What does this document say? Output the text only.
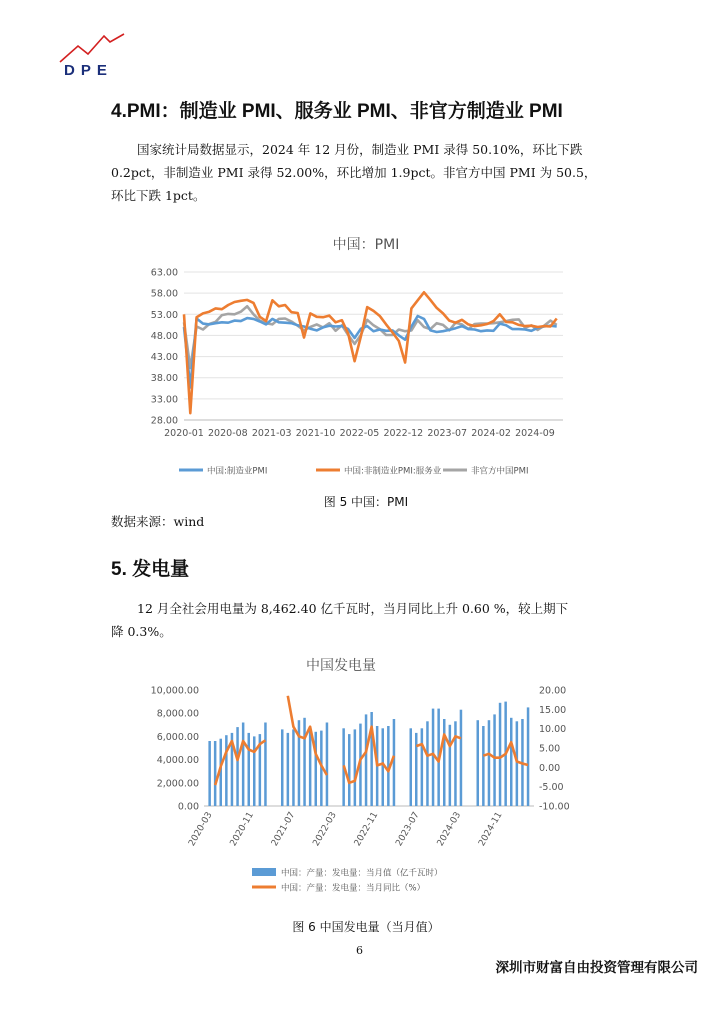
DPE
4.PMI：制造业 PMI、服务业 PMI、非官方制造业 PMI
国家统计局数据显示，2024 年 12 月份，制造业 PMI 录得 50.10%，环比下跌
0.2pct，非制造业 PMI 录得 52.00%，环比增加 1.9pct。非官方中国 PMI 为 50.5，
环比下跌 1pct。
中国：PMI
63.00
58.00
53.00
48.00
43.00
38.00
33.00
28.00
2020-01 2020-08 2021-03 2021-10 2022-05 2022-12 2023-07 2024-02 2024-09
中国:制造业PMI	中国:非制造业PMI:服务业	非官方中国PMI
图 5 中国：PMI
数据来源：wind
5. 发电量
12 月全社会用电量为 8,462.40 亿千瓦时，当月同比上升 0.60 %，较上期下
降 0.3%。
中国发电量
10,000.00
8,000.00
6,000.00
4,000.00
2,000.00
0.00
20.00
15.00
10.00
5.00
0.00
-5.00
-10.00
2020-03 2020-11 2021-07 2022-03 2022-11 2023-07 2024-03 2024-11
中国：产量：发电量：当月值（亿千瓦时）
中国：产量：发电量：当月同比（%）
图 6 中国发电量（当月值）
6
深圳市财富自由投资管理有限公司
